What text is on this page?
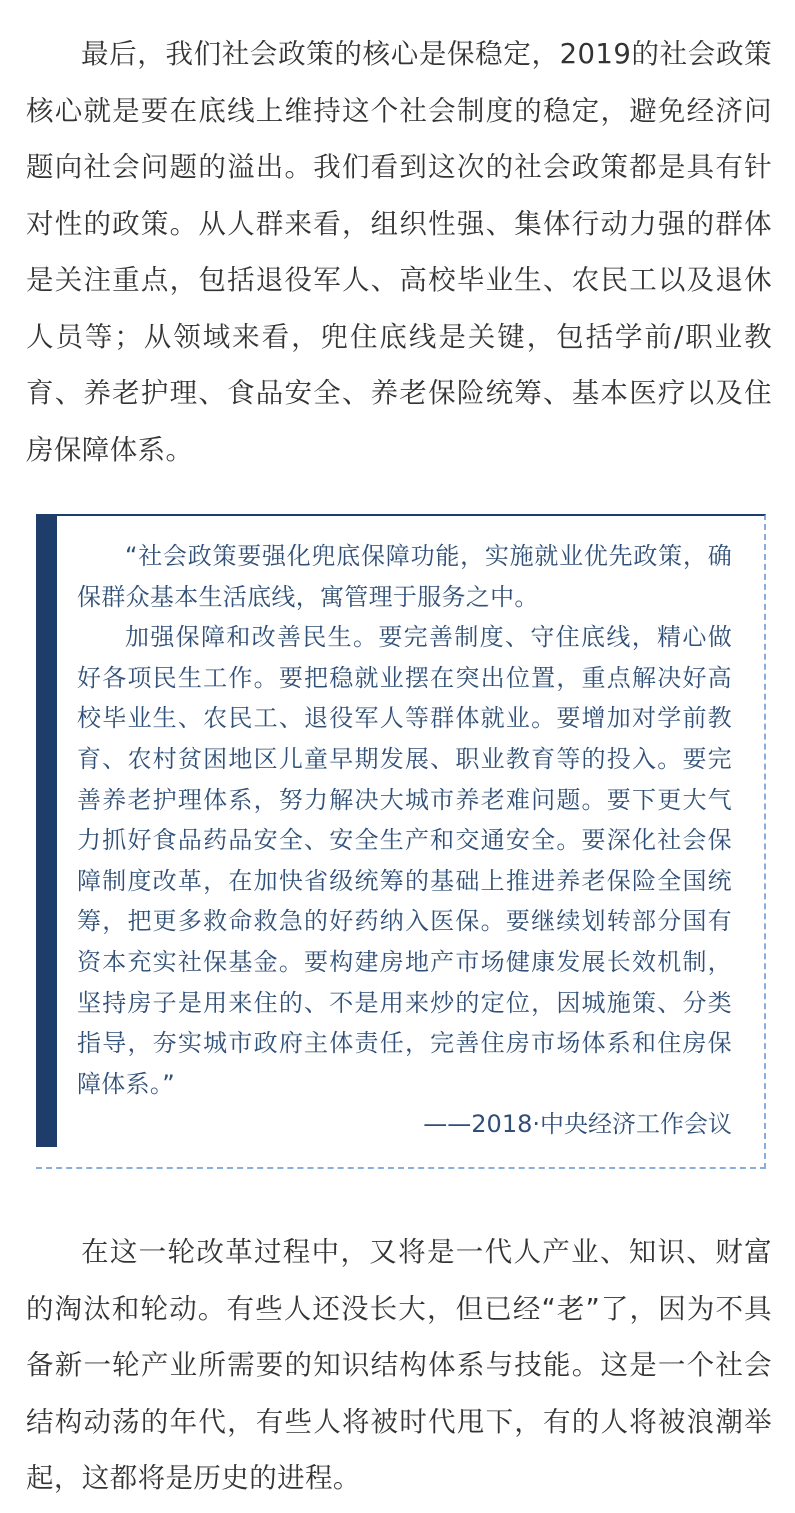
最后，我们社会政策的核心是保稳定，2019的社会政策核心就是要在底线上维持这个社会制度的稳定，避免经济问题向社会问题的溢出。我们看到这次的社会政策都是具有针对性的政策。从人群来看，组织性强、集体行动力强的群体是关注重点，包括退役军人、高校毕业生、农民工以及退休人员等；从领域来看，兜住底线是关键，包括学前/职业教育、养老护理、食品安全、养老保险统筹、基本医疗以及住房保障体系。

“社会政策要强化兜底保障功能，实施就业优先政策，确保群众基本生活底线，寓管理于服务之中。

加强保障和改善民生。要完善制度、守住底线，精心做好各项民生工作。要把稳就业摆在突出位置，重点解决好高校毕业生、农民工、退役军人等群体就业。要增加对学前教育、农村贫困地区儿童早期发展、职业教育等的投入。要完善养老护理体系，努力解决大城市养老难问题。要下更大气力抓好食品药品安全、安全生产和交通安全。要深化社会保障制度改革，在加快省级统筹的基础上推进养老保险全国统筹，把更多救命救急的好药纳入医保。要继续划转部分国有资本充实社保基金。要构建房地产市场健康发展长效机制，坚持房子是用来住的、不是用来炒的定位，因城施策、分类指导，夯实城市政府主体责任，完善住房市场体系和住房保障体系。”

——2018·中央经济工作会议

在这一轮改革过程中，又将是一代人产业、知识、财富的淘汰和轮动。有些人还没长大，但已经“老”了，因为不具备新一轮产业所需要的知识结构体系与技能。这是一个社会结构动荡的年代，有些人将被时代甩下，有的人将被浪潮举起，这都将是历史的进程。
